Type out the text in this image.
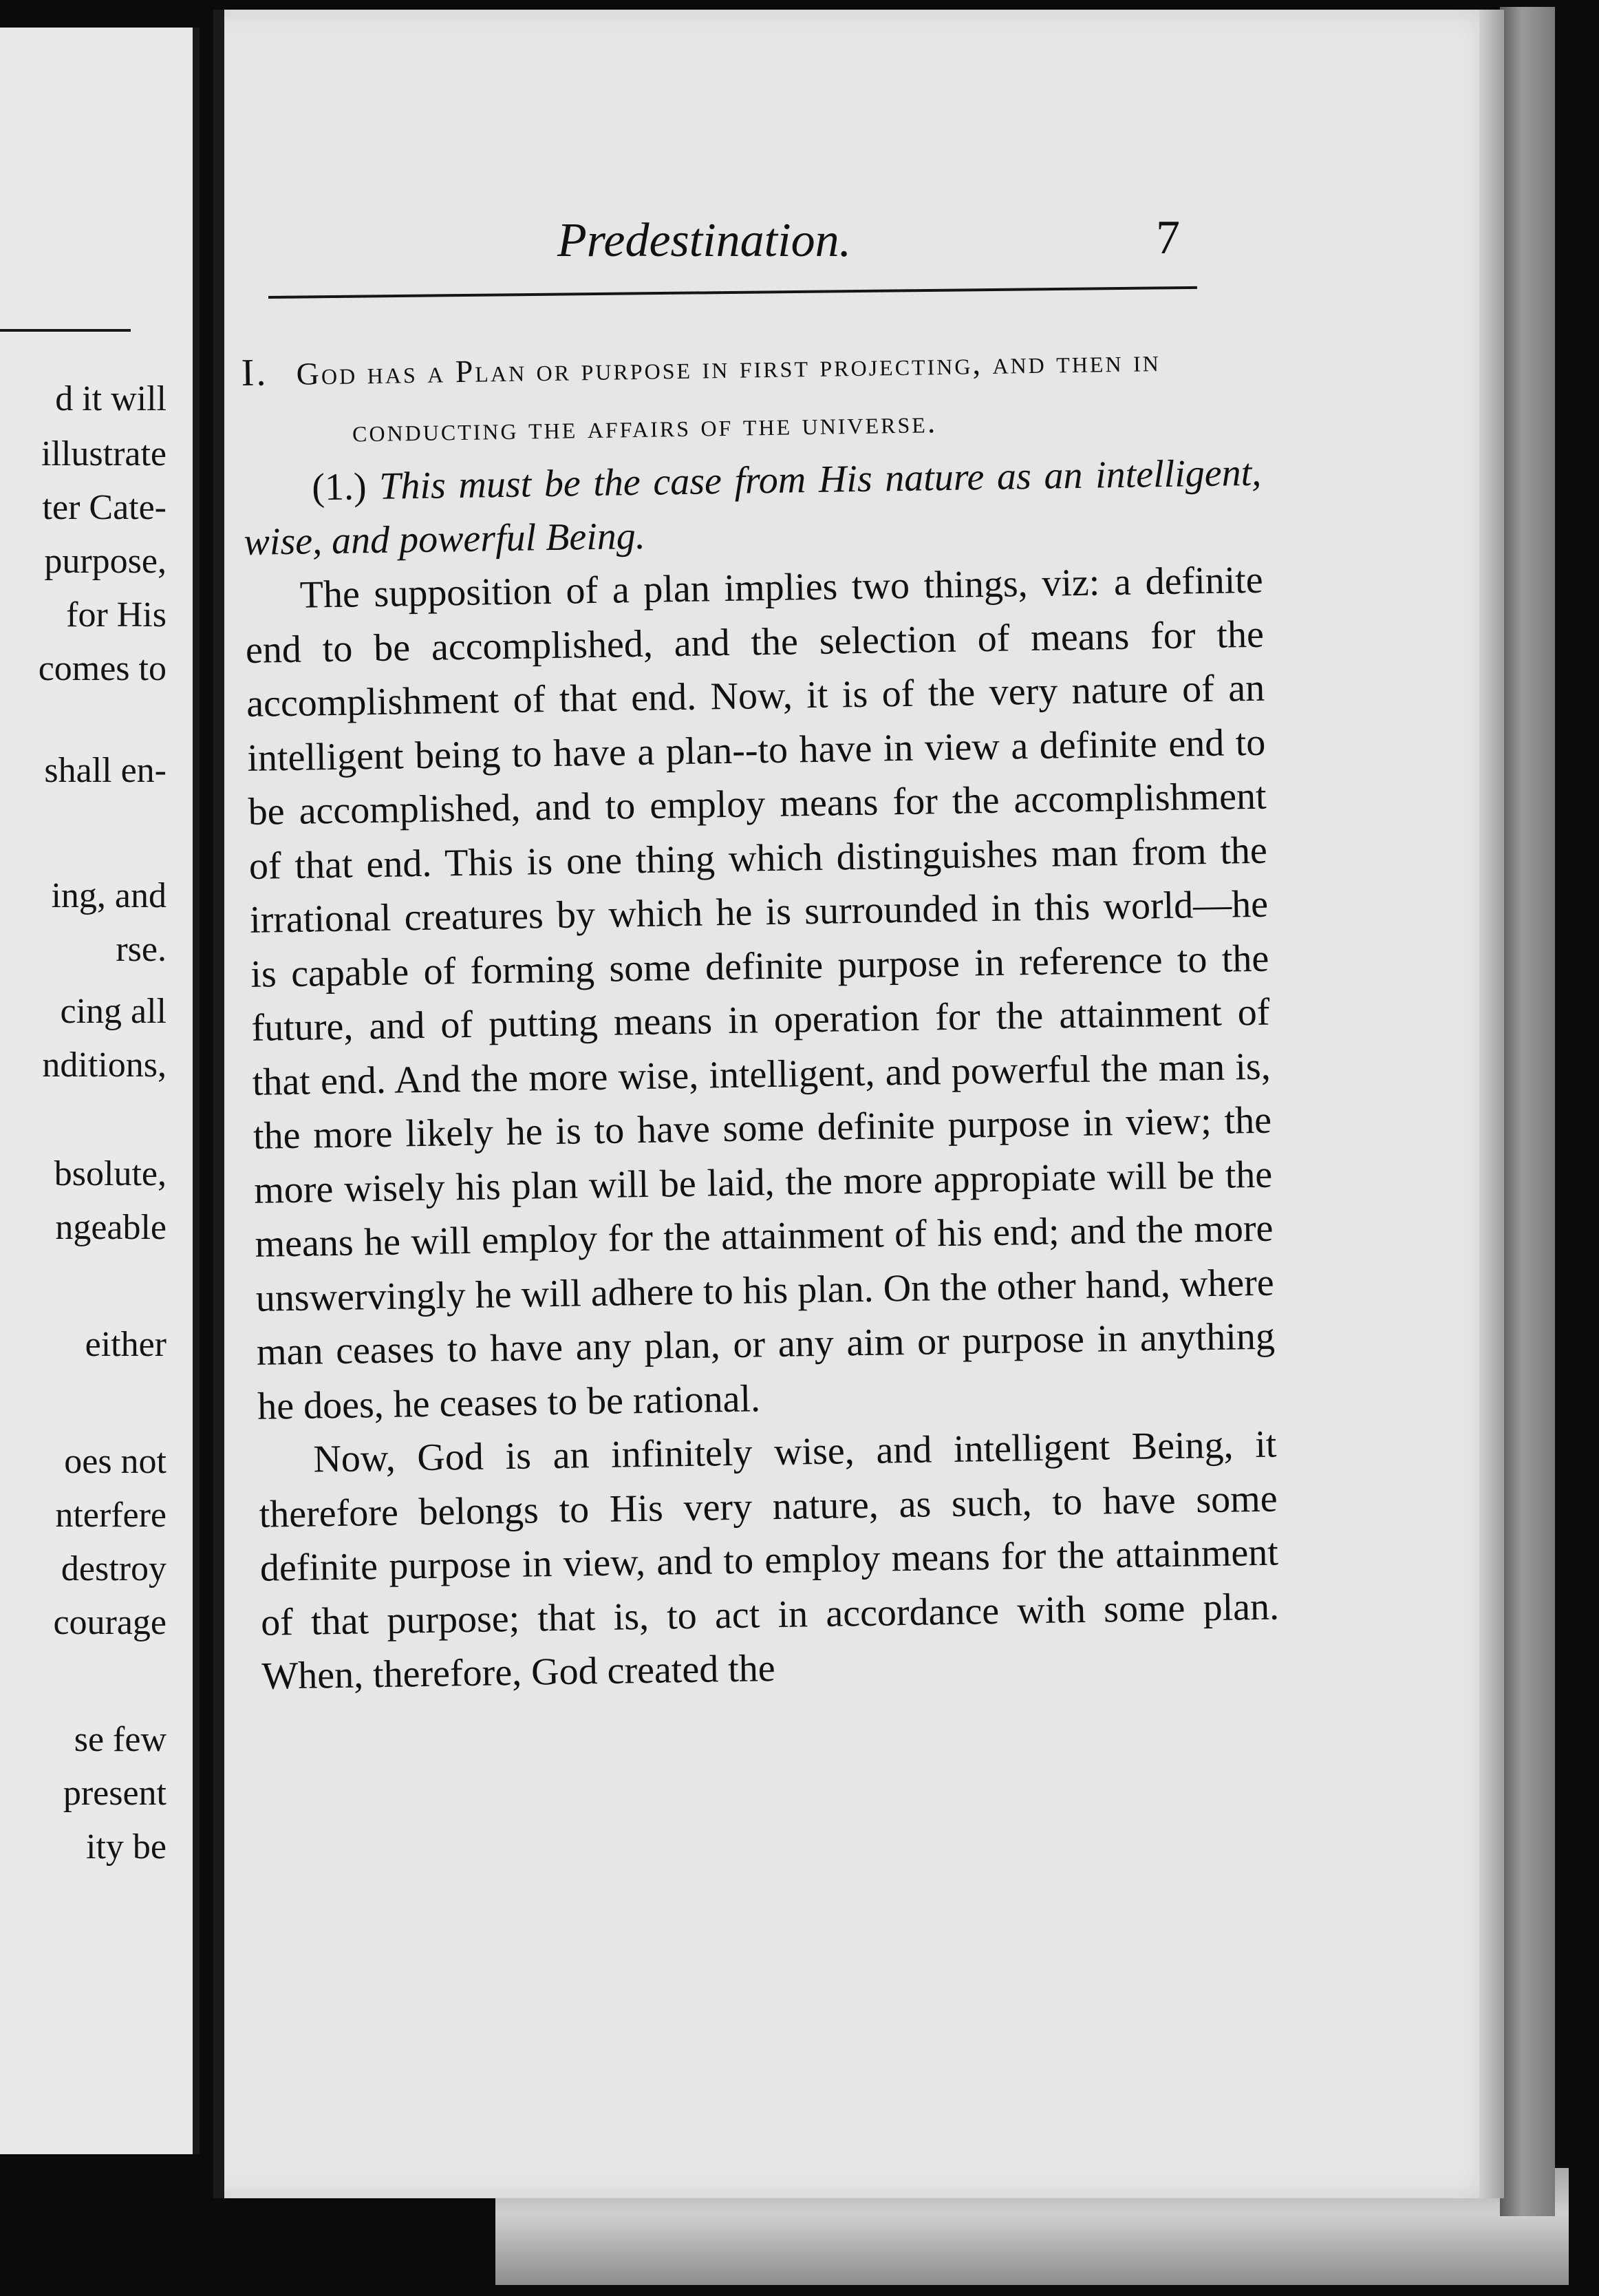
d it will
illustrate
ter Cate-
purpose,
for His
comes to
shall en-
ing, and
rse.
cing all
nditions,
bsolute,
ngeable
either
oes not
nterfere
destroy
courage
se few
present
ity be
Predestination.	7

I. God has a Plan or purpose in first projecting, and then in conducting the affairs of the universe.

(1.) This must be the case from His nature as an intelligent, wise, and powerful Being.

The supposition of a plan implies two things, viz: a definite end to be accomplished, and the selection of means for the accomplishment of that end. Now, it is of the very nature of an intelligent being to have a plan--to have in view a definite end to be accomplished, and to employ means for the accomplishment of that end. This is one thing which distinguishes man from the irrational creatures by which he is surrounded in this world—he is capable of forming some definite purpose in reference to the future, and of putting means in operation for the attainment of that end. And the more wise, intelligent, and powerful the man is, the more likely he is to have some definite purpose in view; the more wisely his plan will be laid, the more appropiate will be the means he will employ for the attainment of his end; and the more unswervingly he will adhere to his plan. On the other hand, where man ceases to have any plan, or any aim or purpose in anything he does, he ceases to be rational.

Now, God is an infinitely wise, and intelligent Being, it therefore belongs to His very nature, as such, to have some definite purpose in view, and to employ means for the attainment of that purpose; that is, to act in accordance with some plan. When, therefore, God created the
